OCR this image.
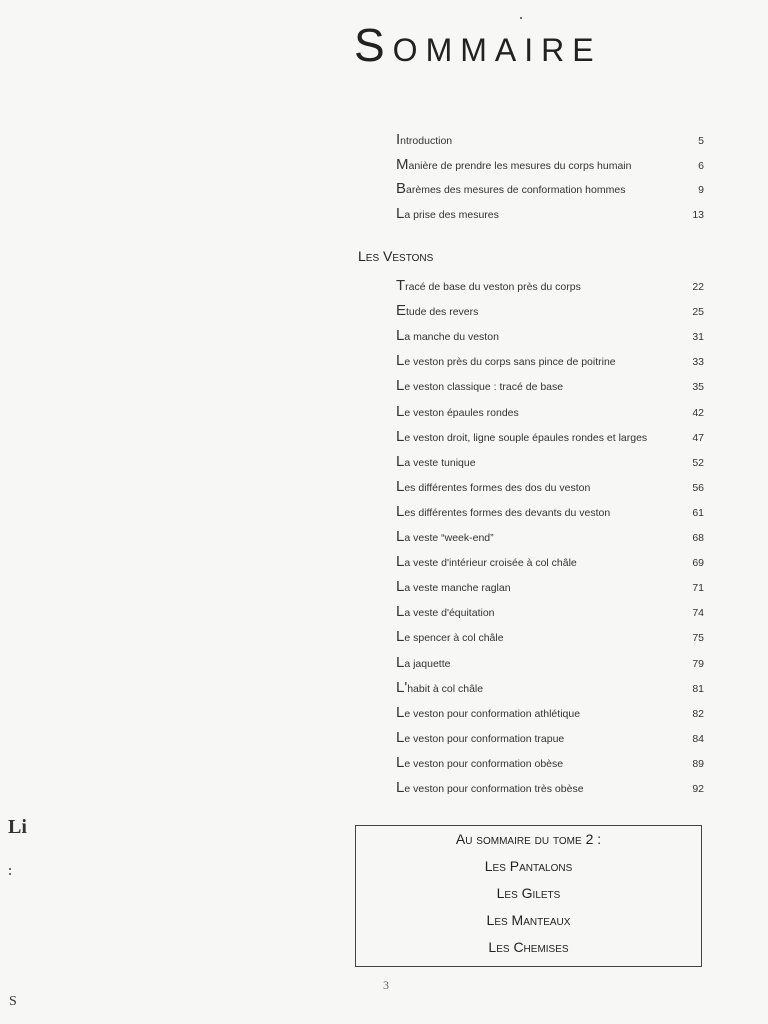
Sommaire
Introduction	5
Manière de prendre les mesures du corps humain	6
Barèmes des mesures de conformation hommes	9
La prise des mesures	13
Les Vestons
Tracé de base du veston près du corps	22
Etude des revers	25
La manche du veston	31
Le veston près du corps sans pince de poitrine	33
Le veston classique : tracé de base	35
Le veston épaules rondes	42
Le veston droit, ligne souple épaules rondes et larges	47
La veste tunique	52
Les différentes formes des dos du veston	56
Les différentes formes des devants du veston	61
La veste “week-end”	68
La veste d'intérieur croisée à col châle	69
La veste manche raglan	71
La veste d'équitation	74
Le spencer à col châle	75
La jaquette	79
L'habit à col châle	81
Le veston pour conformation athlétique	82
Le veston pour conformation trapue	84
Le veston pour conformation obèse	89
Le veston pour conformation très obèse	92
Au sommaire du tome 2 :
Les Pantalons
Les Gilets
Les Manteaux
Les Chemises
3
Li
S
